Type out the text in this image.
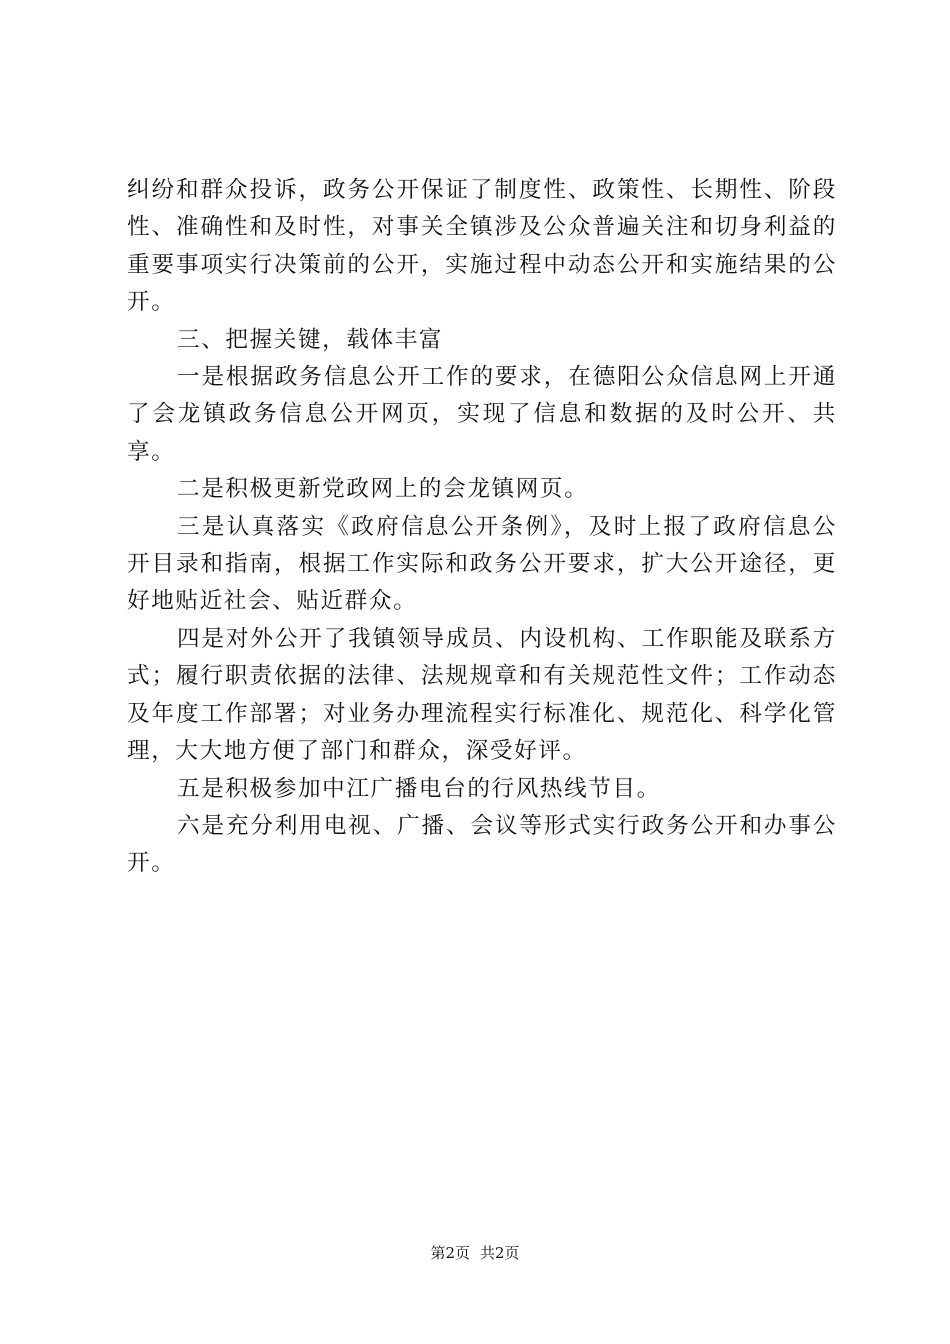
纠纷和群众投诉，政务公开保证了制度性、政策性、长期性、阶段性、准确性和及时性，对事关全镇涉及公众普遍关注和切身利益的重要事项实行决策前的公开，实施过程中动态公开和实施结果的公开。

三、把握关键，载体丰富

一是根据政务信息公开工作的要求，在德阳公众信息网上开通了会龙镇政务信息公开网页，实现了信息和数据的及时公开、共享。

二是积极更新党政网上的会龙镇网页。

三是认真落实《政府信息公开条例》，及时上报了政府信息公开目录和指南，根据工作实际和政务公开要求，扩大公开途径，更好地贴近社会、贴近群众。

四是对外公开了我镇领导成员、内设机构、工作职能及联系方式；履行职责依据的法律、法规规章和有关规范性文件；工作动态及年度工作部署；对业务办理流程实行标准化、规范化、科学化管理，大大地方便了部门和群众，深受好评。

五是积极参加中江广播电台的行风热线节目。

六是充分利用电视、广播、会议等形式实行政务公开和办事公开。

第2页 共2页
